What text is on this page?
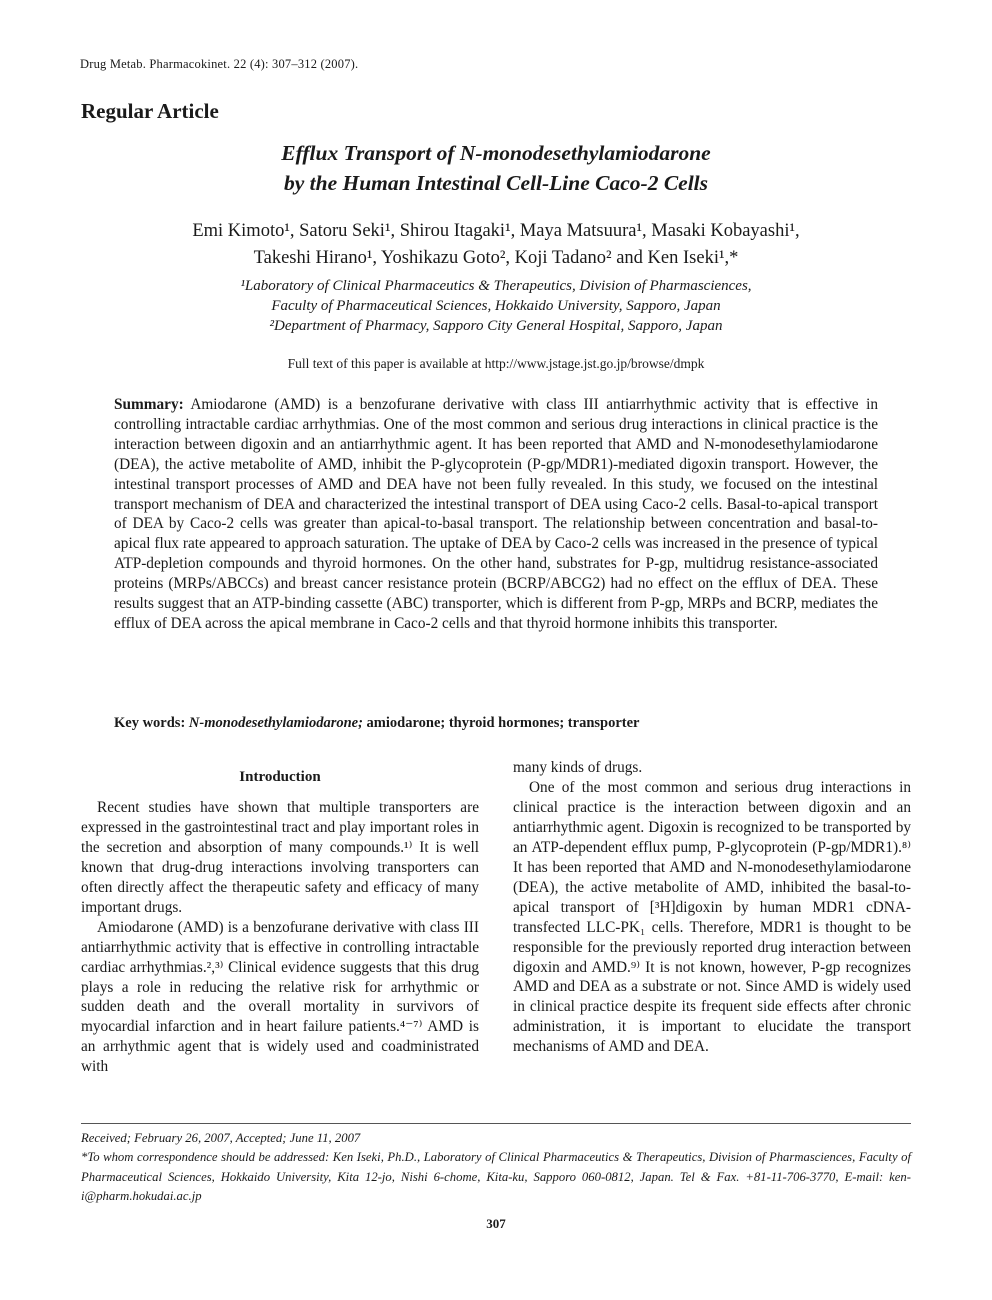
Drug Metab. Pharmacokinet. 22 (4): 307–312 (2007).
Regular Article
Efflux Transport of N-monodesethylamiodarone
by the Human Intestinal Cell-Line Caco-2 Cells
Emi Kimoto¹, Satoru Seki¹, Shirou Itagaki¹, Maya Matsuura¹, Masaki Kobayashi¹,
Takeshi Hirano¹, Yoshikazu Goto², Koji Tadano² and Ken Iseki¹,*
¹Laboratory of Clinical Pharmaceutics & Therapeutics, Division of Pharmasciences,
Faculty of Pharmaceutical Sciences, Hokkaido University, Sapporo, Japan
²Department of Pharmacy, Sapporo City General Hospital, Sapporo, Japan
Full text of this paper is available at http://www.jstage.jst.go.jp/browse/dmpk
Summary: Amiodarone (AMD) is a benzofurane derivative with class III antiarrhythmic activity that is effective in controlling intractable cardiac arrhythmias. One of the most common and serious drug interactions in clinical practice is the interaction between digoxin and an antiarrhythmic agent. It has been reported that AMD and N-monodesethylamiodarone (DEA), the active metabolite of AMD, inhibit the P-glycoprotein (P-gp/MDR1)-mediated digoxin transport. However, the intestinal transport processes of AMD and DEA have not been fully revealed. In this study, we focused on the intestinal transport mechanism of DEA and characterized the intestinal transport of DEA using Caco-2 cells. Basal-to-apical transport of DEA by Caco-2 cells was greater than apical-to-basal transport. The relationship between concentration and basal-to-apical flux rate appeared to approach saturation. The uptake of DEA by Caco-2 cells was increased in the presence of typical ATP-depletion compounds and thyroid hormones. On the other hand, substrates for P-gp, multidrug resistance-associated proteins (MRPs/ABCCs) and breast cancer resistance protein (BCRP/ABCG2) had no effect on the efflux of DEA. These results suggest that an ATP-binding cassette (ABC) transporter, which is different from P-gp, MRPs and BCRP, mediates the efflux of DEA across the apical membrane in Caco-2 cells and that thyroid hormone inhibits this transporter.
Key words: N-monodesethylamiodarone; amiodarone; thyroid hormones; transporter
Introduction

Recent studies have shown that multiple transporters are expressed in the gastrointestinal tract and play important roles in the secretion and absorption of many compounds.¹⁾ It is well known that drug-drug interactions involving transporters can often directly affect the therapeutic safety and efficacy of many important drugs.

Amiodarone (AMD) is a benzofurane derivative with class III antiarrhythmic activity that is effective in controlling intractable cardiac arrhythmias.²,³⁾ Clinical evidence suggests that this drug plays a role in reducing the relative risk for arrhythmic or sudden death and the overall mortality in survivors of myocardial infarction and in heart failure patients.⁴⁻⁷⁾ AMD is an arrhythmic agent that is widely used and coadministrated with

many kinds of drugs.

One of the most common and serious drug interactions in clinical practice is the interaction between digoxin and an antiarrhythmic agent. Digoxin is recognized to be transported by an ATP-dependent efflux pump, P-glycoprotein (P-gp/MDR1).⁸⁾ It has been reported that AMD and N-monodesethylamiodarone (DEA), the active metabolite of AMD, inhibited the basal-to-apical transport of [³H]digoxin by human MDR1 cDNA-transfected LLC-PK₁ cells. Therefore, MDR1 is thought to be responsible for the previously reported drug interaction between digoxin and AMD.⁹⁾ It is not known, however, P-gp recognizes AMD and DEA as a substrate or not. Since AMD is widely used in clinical practice despite its frequent side effects after chronic administration, it is important to elucidate the transport mechanisms of AMD and DEA.

Received; February 26, 2007, Accepted; June 11, 2007
*To whom correspondence should be addressed: Ken Iseki, Ph.D., Laboratory of Clinical Pharmaceutics & Therapeutics, Division of Pharmasciences, Faculty of Pharmaceutical Sciences, Hokkaido University, Kita 12-jo, Nishi 6-chome, Kita-ku, Sapporo 060-0812, Japan. Tel & Fax. +81-11-706-3770, E-mail: ken-i@pharm.hokudai.ac.jp
307
